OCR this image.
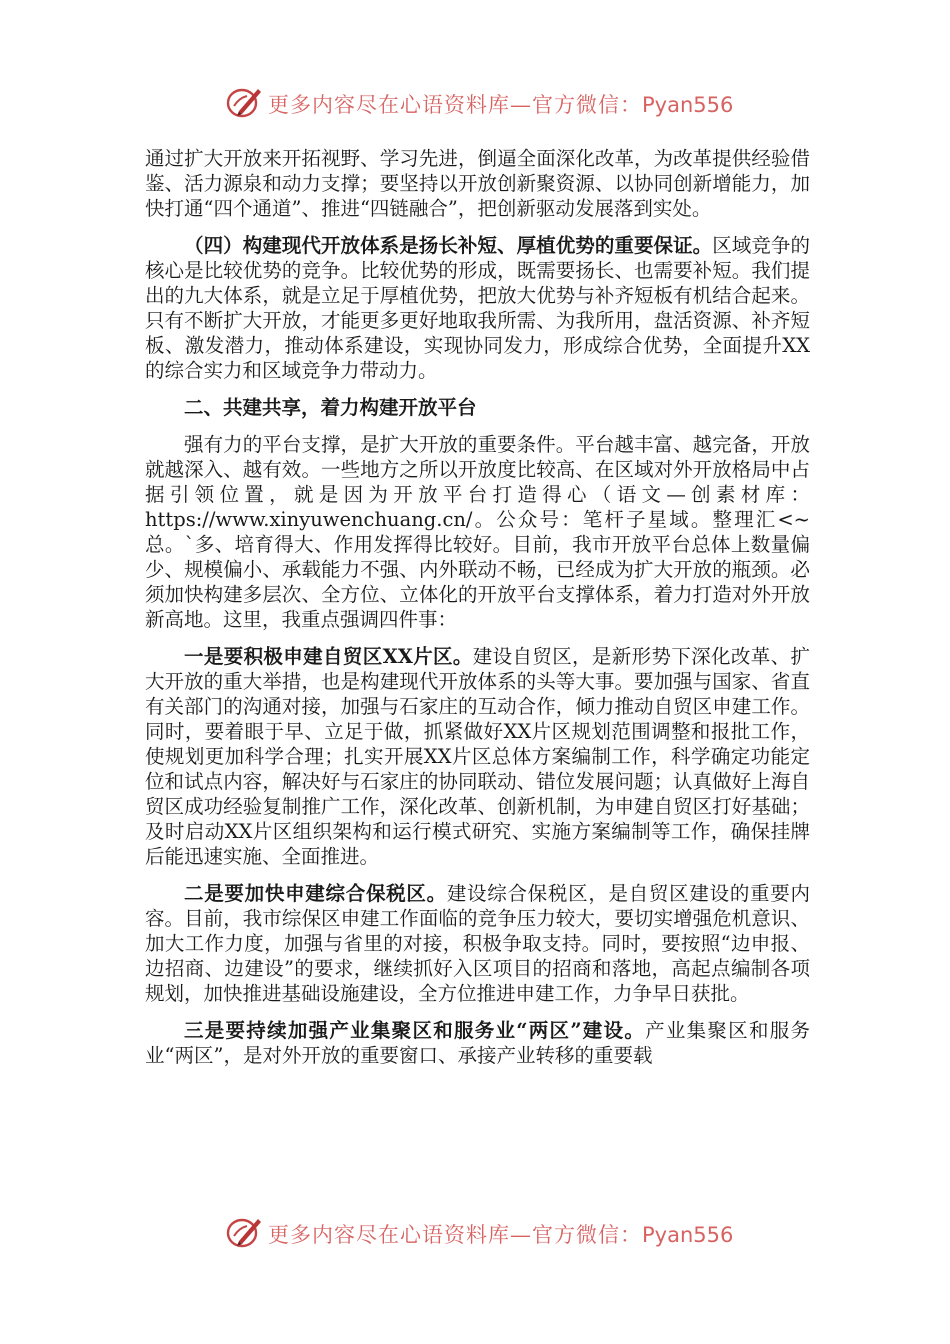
更多内容尽在心语资料库—官方微信：Pyan556

通过扩大开放来开拓视野、学习先进，倒逼全面深化改革，为改革提供经验借鉴、活力源泉和动力支撑；要坚持以开放创新聚资源、以协同创新增能力，加快打通“四个通道”、推进“四链融合”，把创新驱动发展落到实处。

（四）构建现代开放体系是扬长补短、厚植优势的重要保证。区域竞争的核心是比较优势的竞争。比较优势的形成，既需要扬长、也需要补短。我们提出的九大体系，就是立足于厚植优势，把放大优势与补齐短板有机结合起来。只有不断扩大开放，才能更多更好地取我所需、为我所用，盘活资源、补齐短板、激发潜力，推动体系建设，实现协同发力，形成综合优势，全面提升XX的综合实力和区域竞争力带动力。

二、共建共享，着力构建开放平台

强有力的平台支撑，是扩大开放的重要条件。平台越丰富、越完备，开放就越深入、越有效。一些地方之所以开放度比较高、在区域对外开放格局中占据引领位置，就是因为开放平台打造得心（语文—创素材库：https://www.xinyuwenchuang.cn/。公众号：笔杆子星域。整理汇<~总。`多、培育得大、作用发挥得比较好。目前，我市开放平台总体上数量偏少、规模偏小、承载能力不强、内外联动不畅，已经成为扩大开放的瓶颈。必须加快构建多层次、全方位、立体化的开放平台支撑体系，着力打造对外开放新高地。这里，我重点强调四件事：

一是要积极申建自贸区XX片区。建设自贸区，是新形势下深化改革、扩大开放的重大举措，也是构建现代开放体系的头等大事。要加强与国家、省直有关部门的沟通对接，加强与石家庄的互动合作，倾力推动自贸区申建工作。同时，要着眼于早、立足于做，抓紧做好XX片区规划范围调整和报批工作，使规划更加科学合理；扎实开展XX片区总体方案编制工作，科学确定功能定位和试点内容，解决好与石家庄的协同联动、错位发展问题；认真做好上海自贸区成功经验复制推广工作，深化改革、创新机制，为申建自贸区打好基础；及时启动XX片区组织架构和运行模式研究、实施方案编制等工作，确保挂牌后能迅速实施、全面推进。

二是要加快申建综合保税区。建设综合保税区，是自贸区建设的重要内容。目前，我市综保区申建工作面临的竞争压力较大，要切实增强危机意识、加大工作力度，加强与省里的对接，积极争取支持。同时，要按照“边申报、边招商、边建设”的要求，继续抓好入区项目的招商和落地，高起点编制各项规划，加快推进基础设施建设，全方位推进申建工作，力争早日获批。

三是要持续加强产业集聚区和服务业“两区”建设。产业集聚区和服务业“两区”，是对外开放的重要窗口、承接产业转移的重要载

更多内容尽在心语资料库—官方微信：Pyan556
